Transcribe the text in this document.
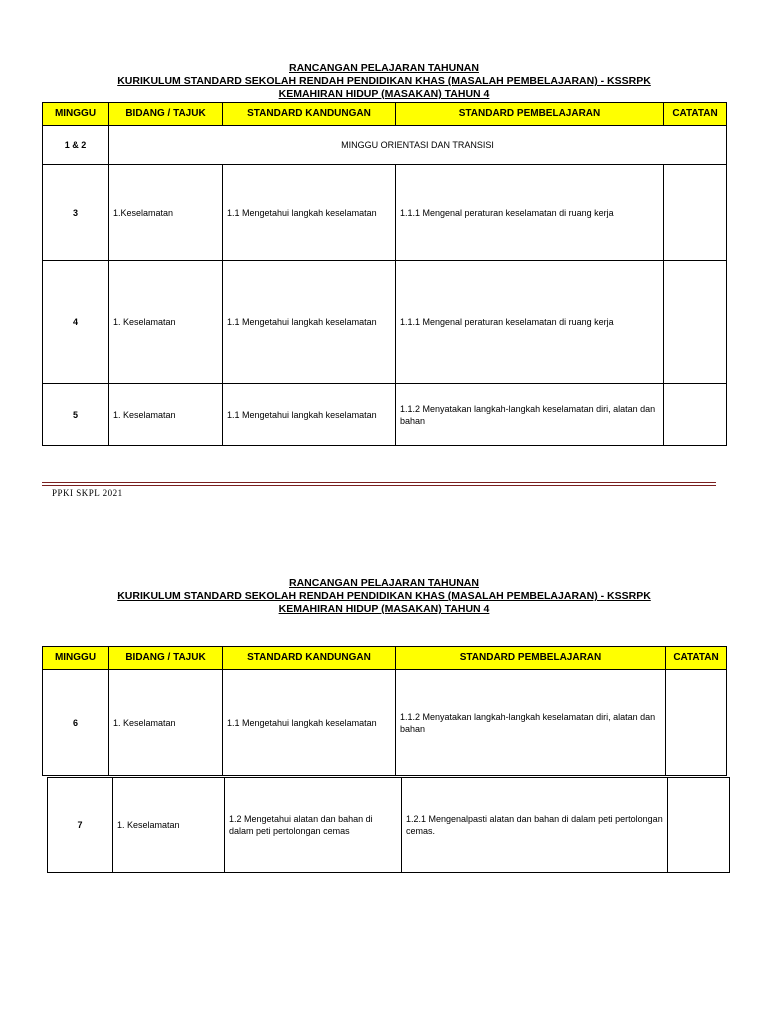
RANCANGAN PELAJARAN TAHUNAN
KURIKULUM STANDARD SEKOLAH RENDAH PENDIDIKAN KHAS (MASALAH PEMBELAJARAN) - KSSRPK
KEMAHIRAN HIDUP (MASAKAN) TAHUN 4
MINGGU	BIDANG / TAJUK	STANDARD KANDUNGAN	STANDARD PEMBELAJARAN	CATATAN
1 & 2	MINGGU ORIENTASI DAN TRANSISI			
3	1.Keselamatan	1.1 Mengetahui langkah keselamatan	1.1.1 Mengenal peraturan keselamatan di ruang kerja	
4	1. Keselamatan	1.1 Mengetahui langkah keselamatan	1.1.1 Mengenal peraturan keselamatan di ruang kerja	
5	1. Keselamatan	1.1 Mengetahui langkah keselamatan	1.1.2 Menyatakan langkah-langkah keselamatan diri, alatan dan bahan	
PPKI SKPL 2021
RANCANGAN PELAJARAN TAHUNAN
KURIKULUM STANDARD SEKOLAH RENDAH PENDIDIKAN KHAS (MASALAH PEMBELAJARAN) - KSSRPK
KEMAHIRAN HIDUP (MASAKAN) TAHUN 4
MINGGU	BIDANG / TAJUK	STANDARD KANDUNGAN	STANDARD PEMBELAJARAN	CATATAN
6	1. Keselamatan	1.1 Mengetahui langkah keselamatan	1.1.2 Menyatakan langkah-langkah keselamatan diri, alatan dan bahan	
7	1. Keselamatan	1.2 Mengetahui alatan dan bahan di dalam peti pertolongan cemas	1.2.1 Mengenalpasti alatan dan bahan di dalam peti pertolongan cemas.	
